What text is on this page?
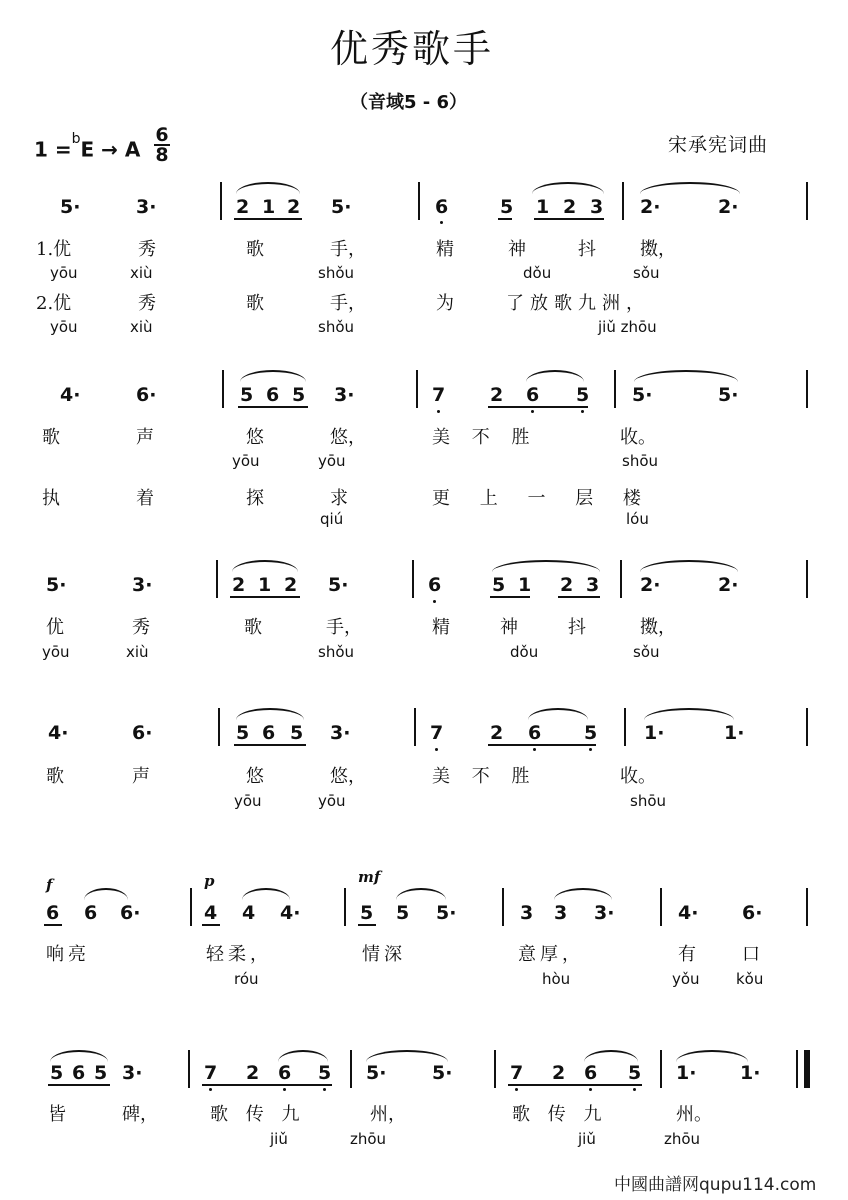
优秀歌手
（音域5 - 6）
1 =$^b$E → A
6
8	宋承宪词曲
5·	3·	2 1 2 5·	6	5 1 2 3 2·	2·
1.优	秀	歌	手，	精	神	抖 擞，
yōu	xiù	shǒu	dǒu	sǒu
2.优	秀	歌	手，	为	了放歌九洲，
yōu	xiù	shǒu	jiǔ zhōu
4·	6·	5 6 5 3·	7 2 6 5 5·	5·
歌	声	悠	悠，	美 不 胜	收。
yōu	yōu	shōu
执	着	探	求	更 上 一 层 楼
qiú	lóu
5·	3·	2 1 2 5·	6	5 1 2 3 2·	2·
优	秀	歌	手，	精	神	抖	擞，
yōu	xiù	shǒu	dǒu	sǒu
4·	6·	5 6 5 3·	7 2 6 5 1·	1·
歌	声	悠	悠，	美 不 胜	收。
yōu	yōu	shōu
f	p	mf
6 6 6·	4 4 4·	5 5 5·	3 3 3·	4· 6·
响亮	轻柔，	情深	意厚，	有	口
róu	hòu	yǒu kǒu
5 6 5 3·	7 2 6 5 5· 5·	7 2 6 5 1· 1·
皆	碑，	歌 传 九	州，	歌 传 九	州。
jiǔ	zhōu	jiǔ	zhōu
中國曲譜网qupu114.com
